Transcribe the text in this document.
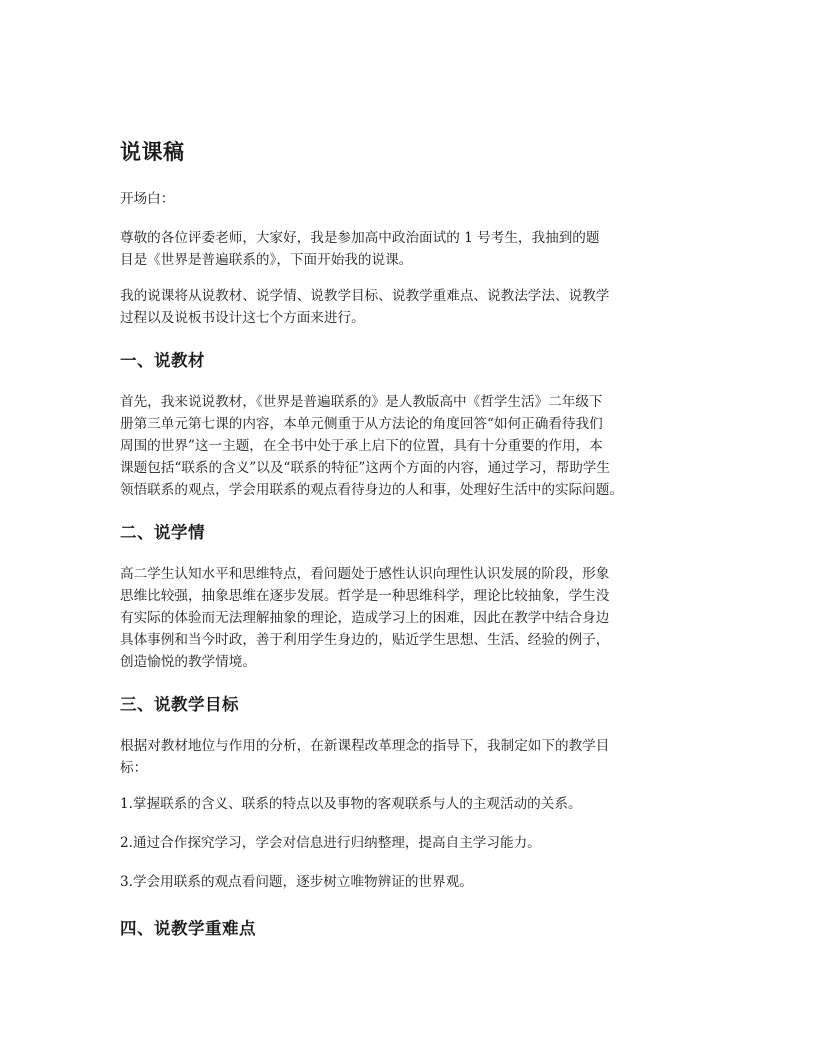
说课稿
开场白：
尊敬的各位评委老师，大家好，我是参加高中政治面试的 1 号考生，我抽到的题
目是《世界是普遍联系的》，下面开始我的说课。
我的说课将从说教材、说学情、说教学目标、说教学重难点、说教法学法、说教学
过程以及说板书设计这七个方面来进行。
一、说教材
首先，我来说说教材，《世界是普遍联系的》是人教版高中《哲学生活》二年级下
册第三单元第七课的内容，本单元侧重于从方法论的角度回答“如何正确看待我们
周围的世界”这一主题，在全书中处于承上启下的位置，具有十分重要的作用，本
课题包括“联系的含义”以及“联系的特征”这两个方面的内容，通过学习，帮助学生
领悟联系的观点，学会用联系的观点看待身边的人和事，处理好生活中的实际问题。
二、说学情
高二学生认知水平和思维特点，看问题处于感性认识向理性认识发展的阶段，形象
思维比较强，抽象思维在逐步发展。哲学是一种思维科学，理论比较抽象，学生没
有实际的体验而无法理解抽象的理论，造成学习上的困难，因此在教学中结合身边
具体事例和当今时政，善于利用学生身边的，贴近学生思想、生活、经验的例子，
创造愉悦的教学情境。
三、说教学目标
根据对教材地位与作用的分析，在新课程改革理念的指导下，我制定如下的教学目
标：
1.掌握联系的含义、联系的特点以及事物的客观联系与人的主观活动的关系。
2.通过合作探究学习，学会对信息进行归纳整理，提高自主学习能力。
3.学会用联系的观点看问题，逐步树立唯物辨证的世界观。
四、说教学重难点
